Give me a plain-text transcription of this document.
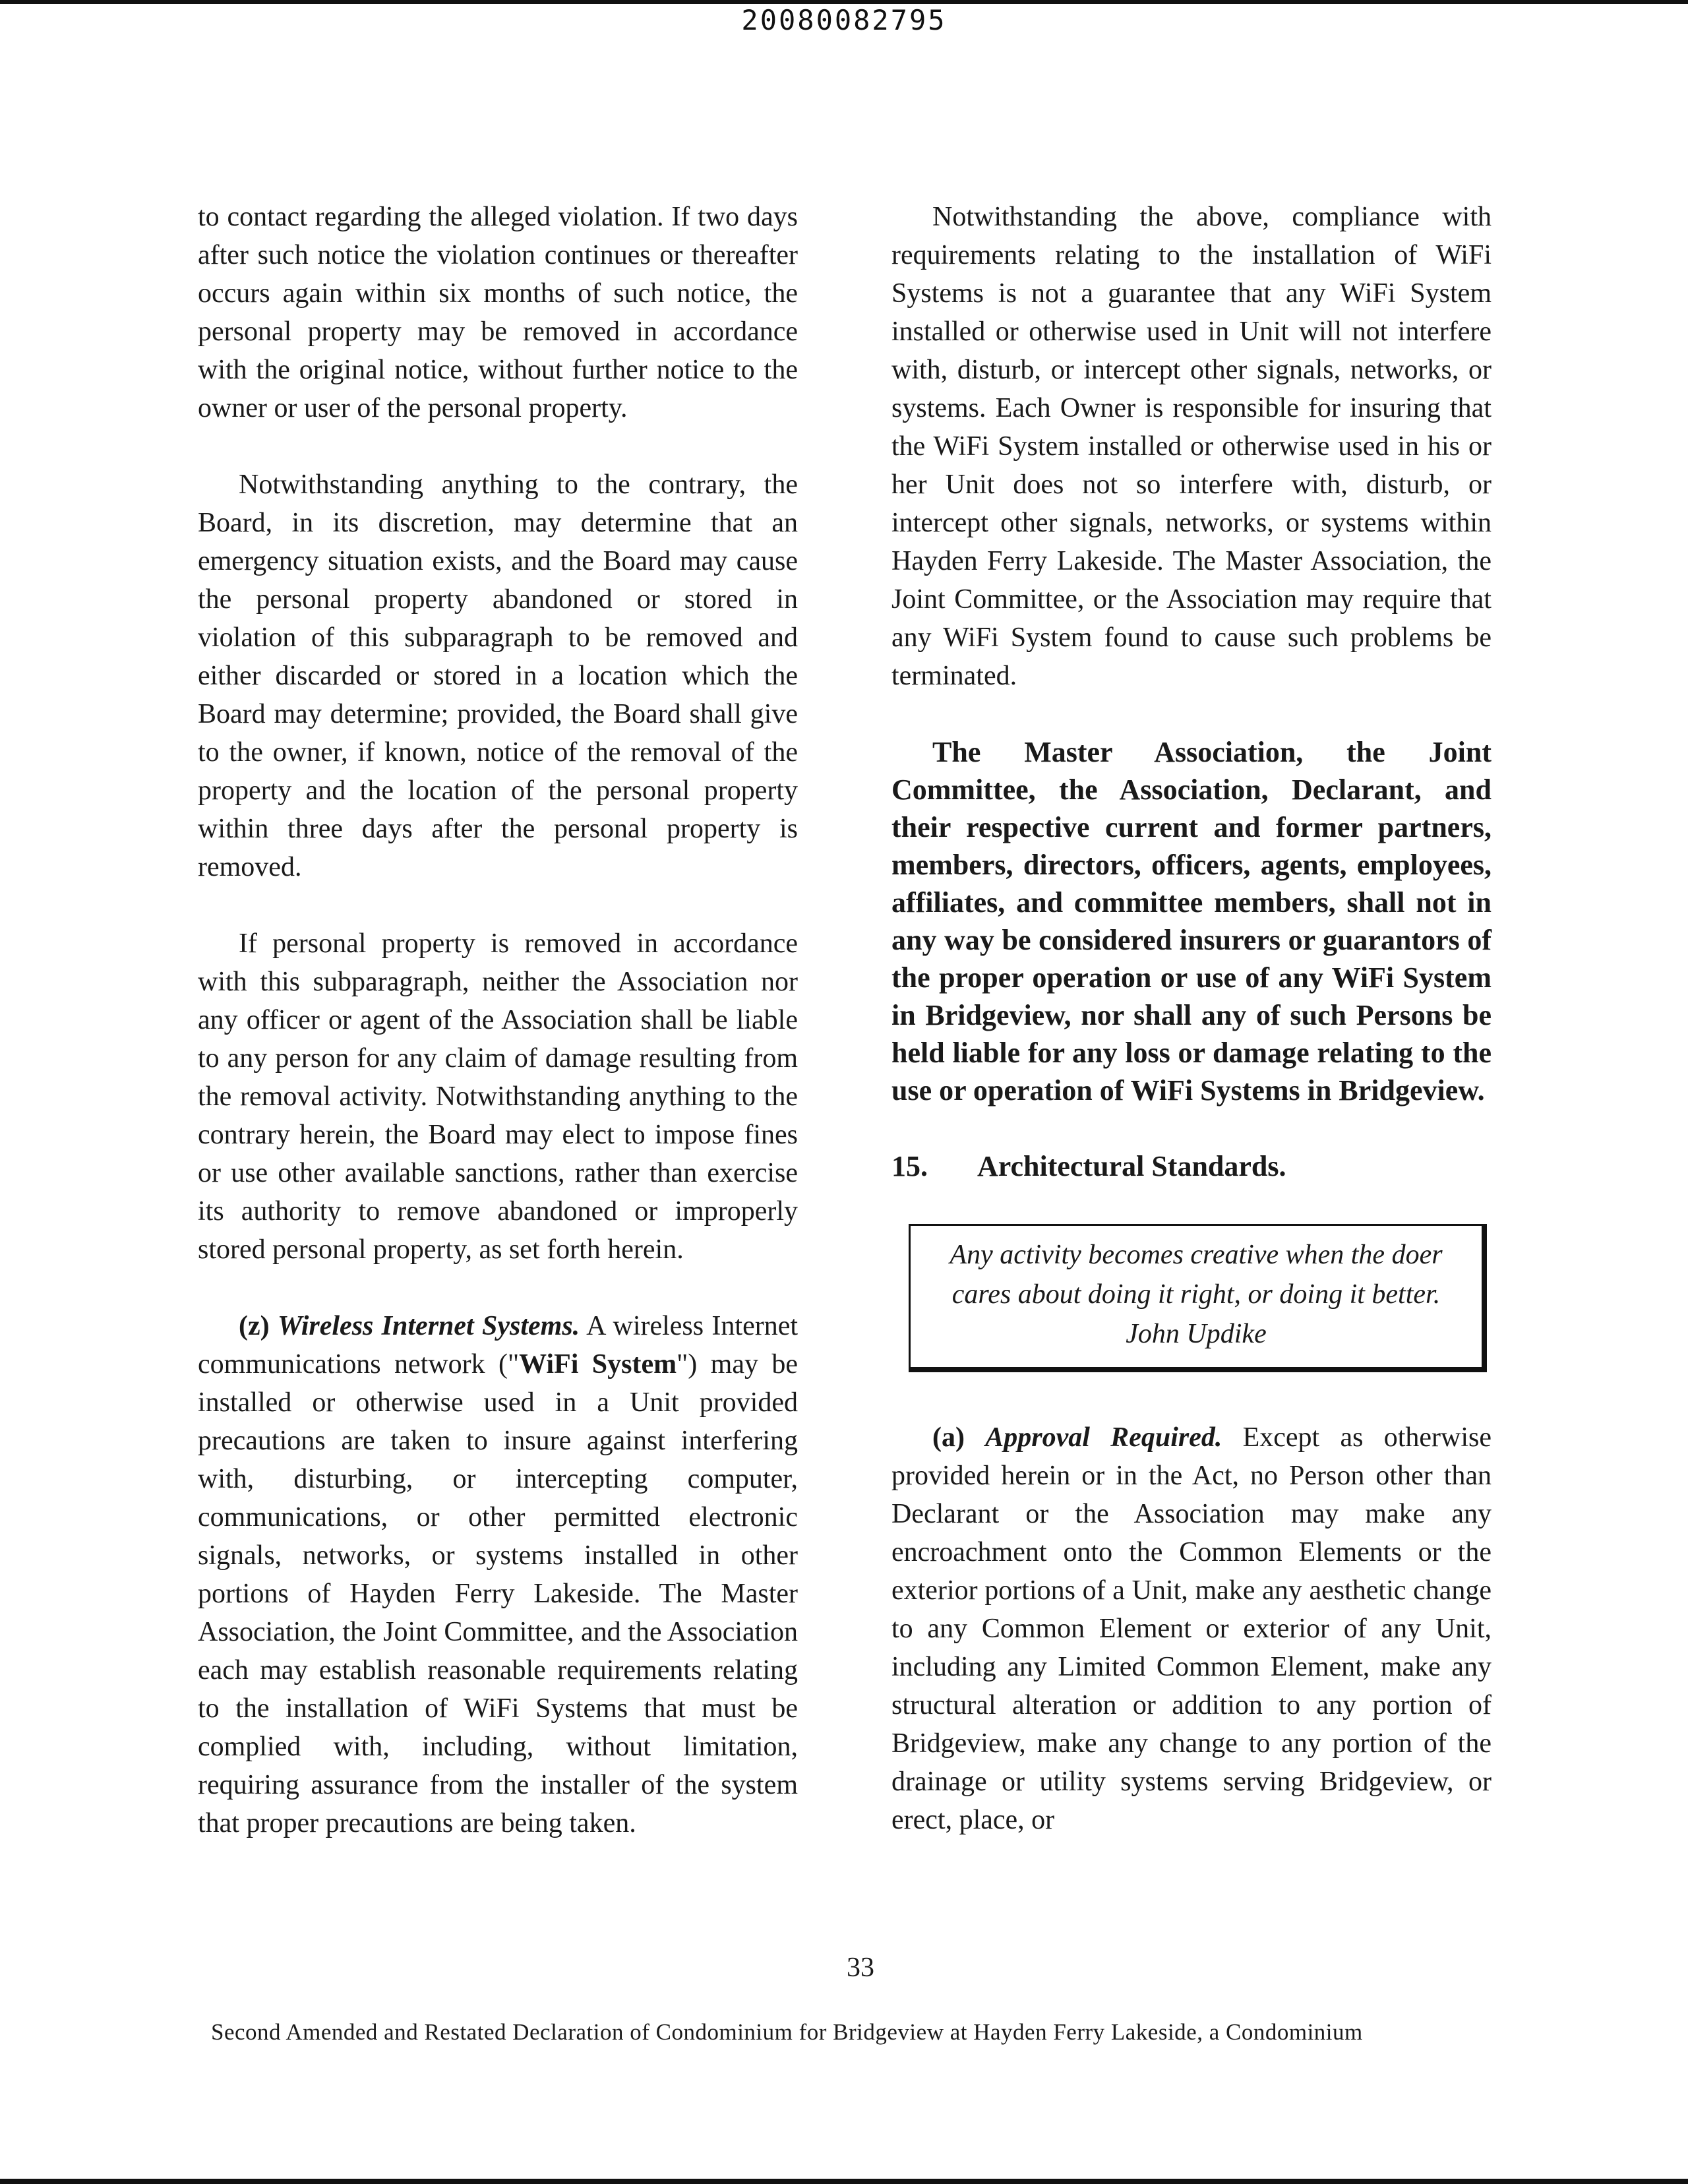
20080082795

to contact regarding the alleged violation. If two days after such notice the violation continues or thereafter occurs again within six months of such notice, the personal property may be removed in accordance with the original notice, without further notice to the owner or user of the personal property.

Notwithstanding anything to the contrary, the Board, in its discretion, may determine that an emergency situation exists, and the Board may cause the personal property abandoned or stored in violation of this subparagraph to be removed and either discarded or stored in a location which the Board may determine; provided, the Board shall give to the owner, if known, notice of the removal of the property and the location of the personal property within three days after the personal property is removed.

If personal property is removed in accordance with this subparagraph, neither the Association nor any officer or agent of the Association shall be liable to any person for any claim of damage resulting from the removal activity. Notwithstanding anything to the contrary herein, the Board may elect to impose fines or use other available sanctions, rather than exercise its authority to remove abandoned or improperly stored personal property, as set forth herein.

(z) Wireless Internet Systems. A wireless Internet communications network ("WiFi System") may be installed or otherwise used in a Unit provided precautions are taken to insure against interfering with, disturbing, or intercepting computer, communications, or other permitted electronic signals, networks, or systems installed in other portions of Hayden Ferry Lakeside. The Master Association, the Joint Committee, and the Association each may establish reasonable requirements relating to the installation of WiFi Systems that must be complied with, including, without limitation, requiring assurance from the installer of the system that proper precautions are being taken.

Notwithstanding the above, compliance with requirements relating to the installation of WiFi Systems is not a guarantee that any WiFi System installed or otherwise used in Unit will not interfere with, disturb, or intercept other signals, networks, or systems. Each Owner is responsible for insuring that the WiFi System installed or otherwise used in his or her Unit does not so interfere with, disturb, or intercept other signals, networks, or systems within Hayden Ferry Lakeside. The Master Association, the Joint Committee, or the Association may require that any WiFi System found to cause such problems be terminated.

The Master Association, the Joint Committee, the Association, Declarant, and their respective current and former partners, members, directors, officers, agents, employees, affiliates, and committee members, shall not in any way be considered insurers or guarantors of the proper operation or use of any WiFi System in Bridgeview, nor shall any of such Persons be held liable for any loss or damage relating to the use or operation of WiFi Systems in Bridgeview.

15. Architectural Standards.
Any activity becomes creative when the doer
cares about doing it right, or doing it better.
John Updike

(a) Approval Required. Except as otherwise provided herein or in the Act, no Person other than Declarant or the Association may make any encroachment onto the Common Elements or the exterior portions of a Unit, make any aesthetic change to any Common Element or exterior of any Unit, including any Limited Common Element, make any structural alteration or addition to any portion of Bridgeview, make any change to any portion of the drainage or utility systems serving Bridgeview, or erect, place, or

33
Second Amended and Restated Declaration of Condominium for Bridgeview at Hayden Ferry Lakeside, a Condominium
